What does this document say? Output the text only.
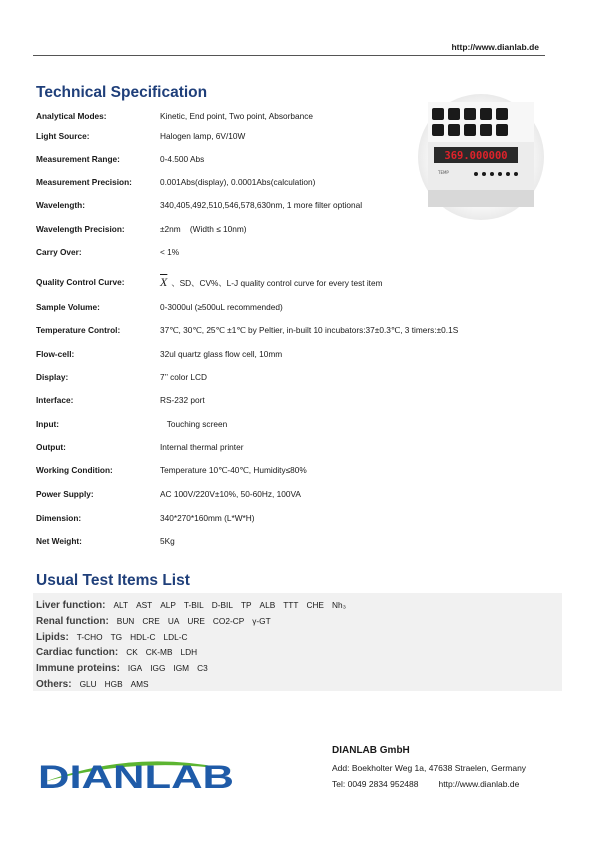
http://www.dianlab.de
Technical Specification
Analytical Modes:	Kinetic, End point, Two point, Absorbance
Light Source:	Halogen lamp, 6V/10W
Measurement Range:	0-4.500 Abs
Measurement Precision:	0.001Abs(display), 0.0001Abs(calculation)
Wavelength:	340,405,492,510,546,578,630nm, 1 more filter optional
Wavelength Precision:	±2nm    (Width ≤ 10nm)
Carry Over:	< 1%
Quality Control Curve:	$\overline{X}$ 、SD、CV%、L-J quality control curve for every test item
Sample Volume:	0-3000ul (≥500uL recommended)
Temperature Control:	37℃, 30℃, 25℃ ±1℃ by Peltier, in-built 10 incubators:37±0.3℃, 3 timers:±0.1S
Flow-cell:	32ul quartz glass flow cell, 10mm
Display:	7’’ color LCD
Interface:	RS-232 port
Input:	Touching screen
Output:	Internal thermal printer
Working Condition:	Temperature 10℃-40℃, Humidity≤80%
Power Supply:	AC 100V/220V±10%, 50-60Hz, 100VA
Dimension:	340*270*160mm (L*W*H)
Net Weight:	5Kg
369.000000
TEMP
Usual Test Items List
Liver function: ALT AST ALP T-BIL D-BIL TP ALB TTT CHE Nh₃
Renal function: BUN CRE UA URE CO2-CP γ-GT
Lipids: T-CHO TG HDL-C LDL-C
Cardiac function: CK CK-MB LDH
Immune proteins: IGA IGG IGM C3
Others: GLU HGB AMS
DIANLAB
DIANLAB GmbH
Add: Boekholter Weg 1a, 47638 Straelen, Germany
Tel: 0049 2834 952488 http://www.dianlab.de
